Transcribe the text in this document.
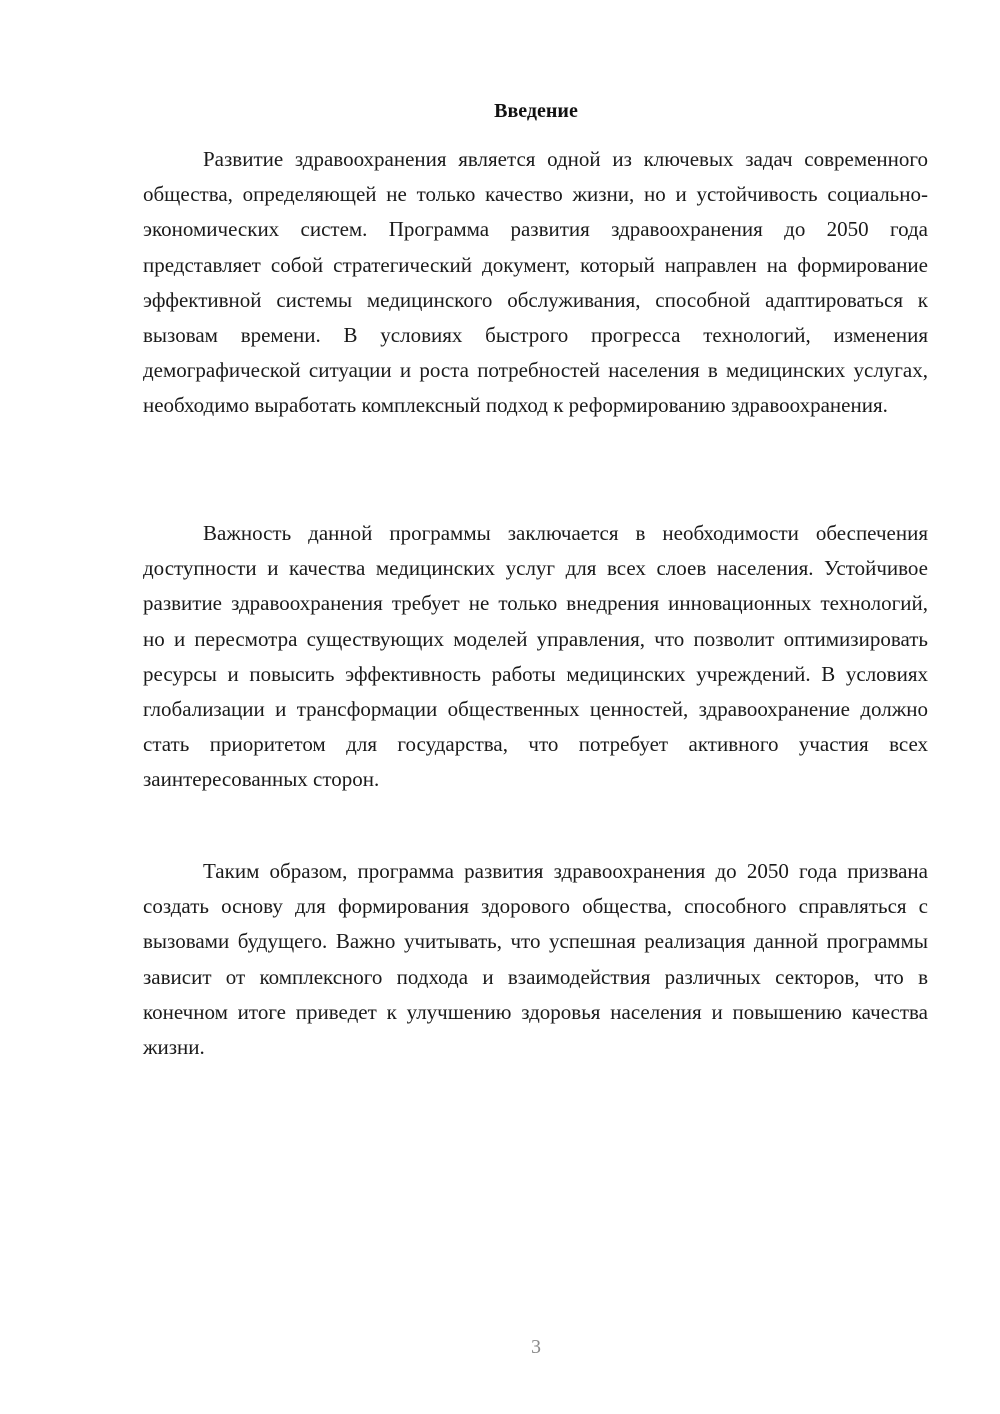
Введение

Развитие здравоохранения является одной из ключевых задач современного общества, определяющей не только качество жизни, но и устойчивость социально-экономических систем. Программа развития здравоохранения до 2050 года представляет собой стратегический документ, который направлен на формирование эффективной системы медицинского обслуживания, способной адаптироваться к вызовам времени. В условиях быстрого прогресса технологий, изменения демографической ситуации и роста потребностей населения в медицинских услугах, необходимо выработать комплексный подход к реформированию здравоохранения.

Важность данной программы заключается в необходимости обеспечения доступности и качества медицинских услуг для всех слоев населения. Устойчивое развитие здравоохранения требует не только внедрения инновационных технологий, но и пересмотра существующих моделей управления, что позволит оптимизировать ресурсы и повысить эффективность работы медицинских учреждений. В условиях глобализации и трансформации общественных ценностей, здравоохранение должно стать приоритетом для государства, что потребует активного участия всех заинтересованных сторон.

Таким образом, программа развития здравоохранения до 2050 года призвана создать основу для формирования здорового общества, способного справляться с вызовами будущего. Важно учитывать, что успешная реализация данной программы зависит от комплексного подхода и взаимодействия различных секторов, что в конечном итоге приведет к улучшению здоровья населения и повышению качества жизни.

3
